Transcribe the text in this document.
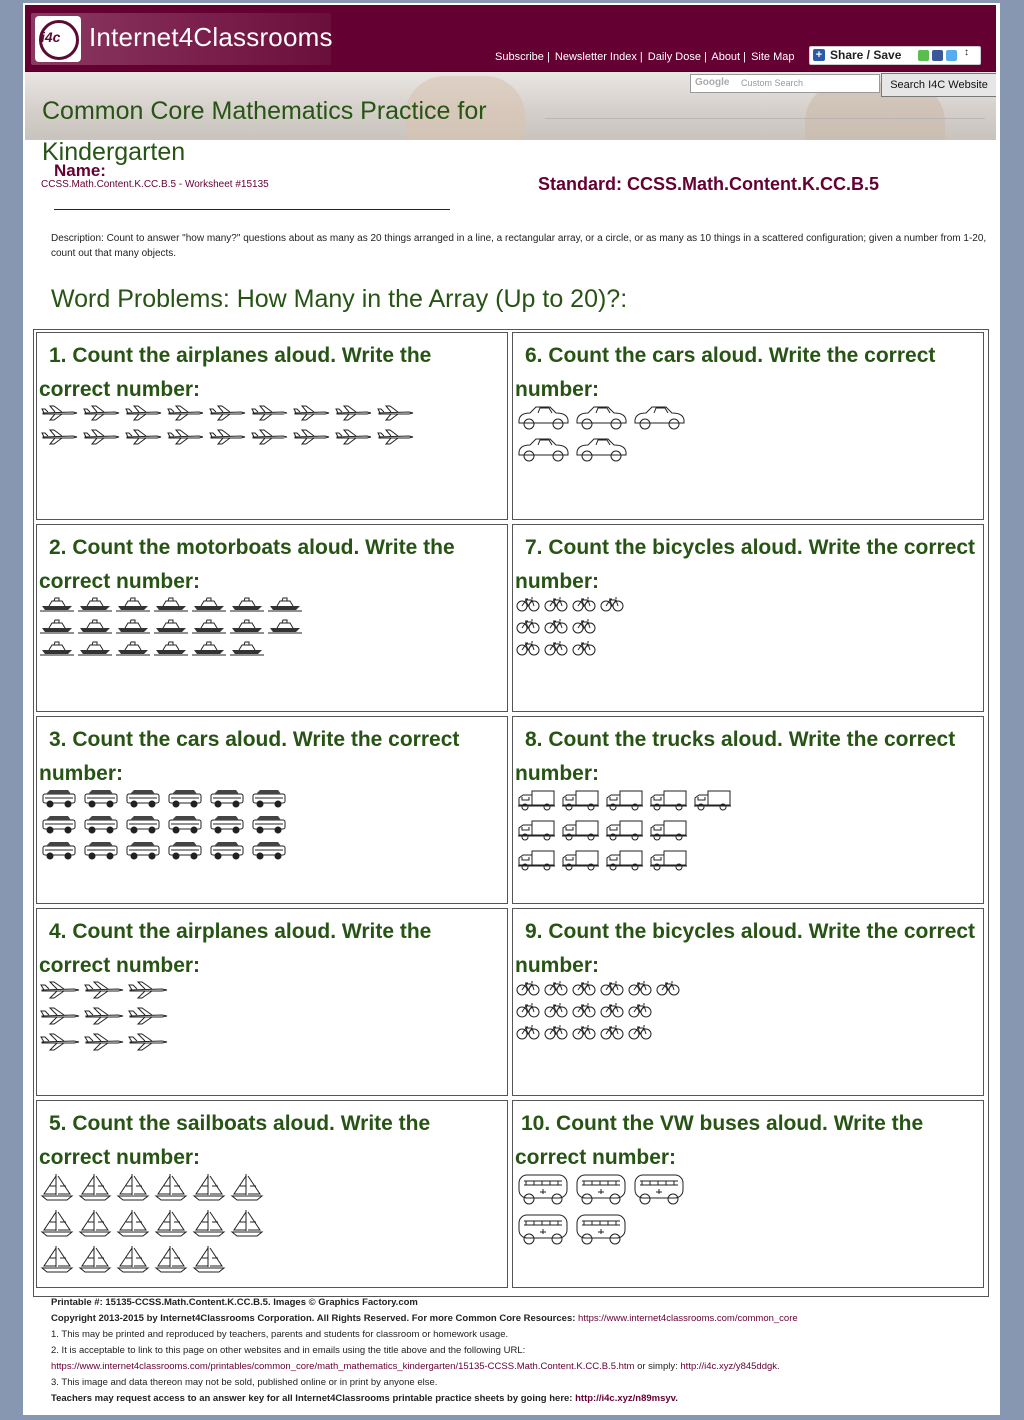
i4c Internet4Classrooms
Subscribe | Newsletter Index | Daily Dose | About | Site Map + Share / Save	↕
Google Custom Search	Search I4C Website
Common Core Mathematics Practice for Kindergarten
Name:
CCSS.Math.Content.K.CC.B.5 - Worksheet #15135	Standard: CCSS.Math.Content.K.CC.B.5
Description: Count to answer "how many?" questions about as many as 20 things arranged in a line, a rectangular array, or a circle, or as many as 10 things in a scattered configuration; given a number from 1-20, count out that many objects.
Word Problems: How Many in the Array (Up to 20)?:

1. Count the airplanes aloud. Write the correct number:

2. Count the motorboats aloud. Write the correct number:

3. Count the cars aloud. Write the correct number:

4. Count the airplanes aloud. Write the correct number:

5. Count the sailboats aloud. Write the correct number:

6. Count the cars aloud. Write the correct number:

7. Count the bicycles aloud. Write the correct number:

8. Count the trucks aloud. Write the correct number:

9. Count the bicycles aloud. Write the correct number:

10. Count the VW buses aloud. Write the correct number:

Printable #: 15135-CCSS.Math.Content.K.CC.B.5. Images © Graphics Factory.com
Copyright 2013-2015 by Internet4Classrooms Corporation. All Rights Reserved. For more Common Core Resources: https://www.internet4classrooms.com/common_core
1. This may be printed and reproduced by teachers, parents and students for classroom or homework usage.
2. It is acceptable to link to this page on other websites and in emails using the title above and the following URL:
https://www.internet4classrooms.com/printables/common_core/math_mathematics_kindergarten/15135-CCSS.Math.Content.K.CC.B.5.htm or simply: http://i4c.xyz/y845ddgk.
3. This image and data thereon may not be sold, published online or in print by anyone else.
Teachers may request access to an answer key for all Internet4Classrooms printable practice sheets by going here: http://i4c.xyz/n89msyv.
